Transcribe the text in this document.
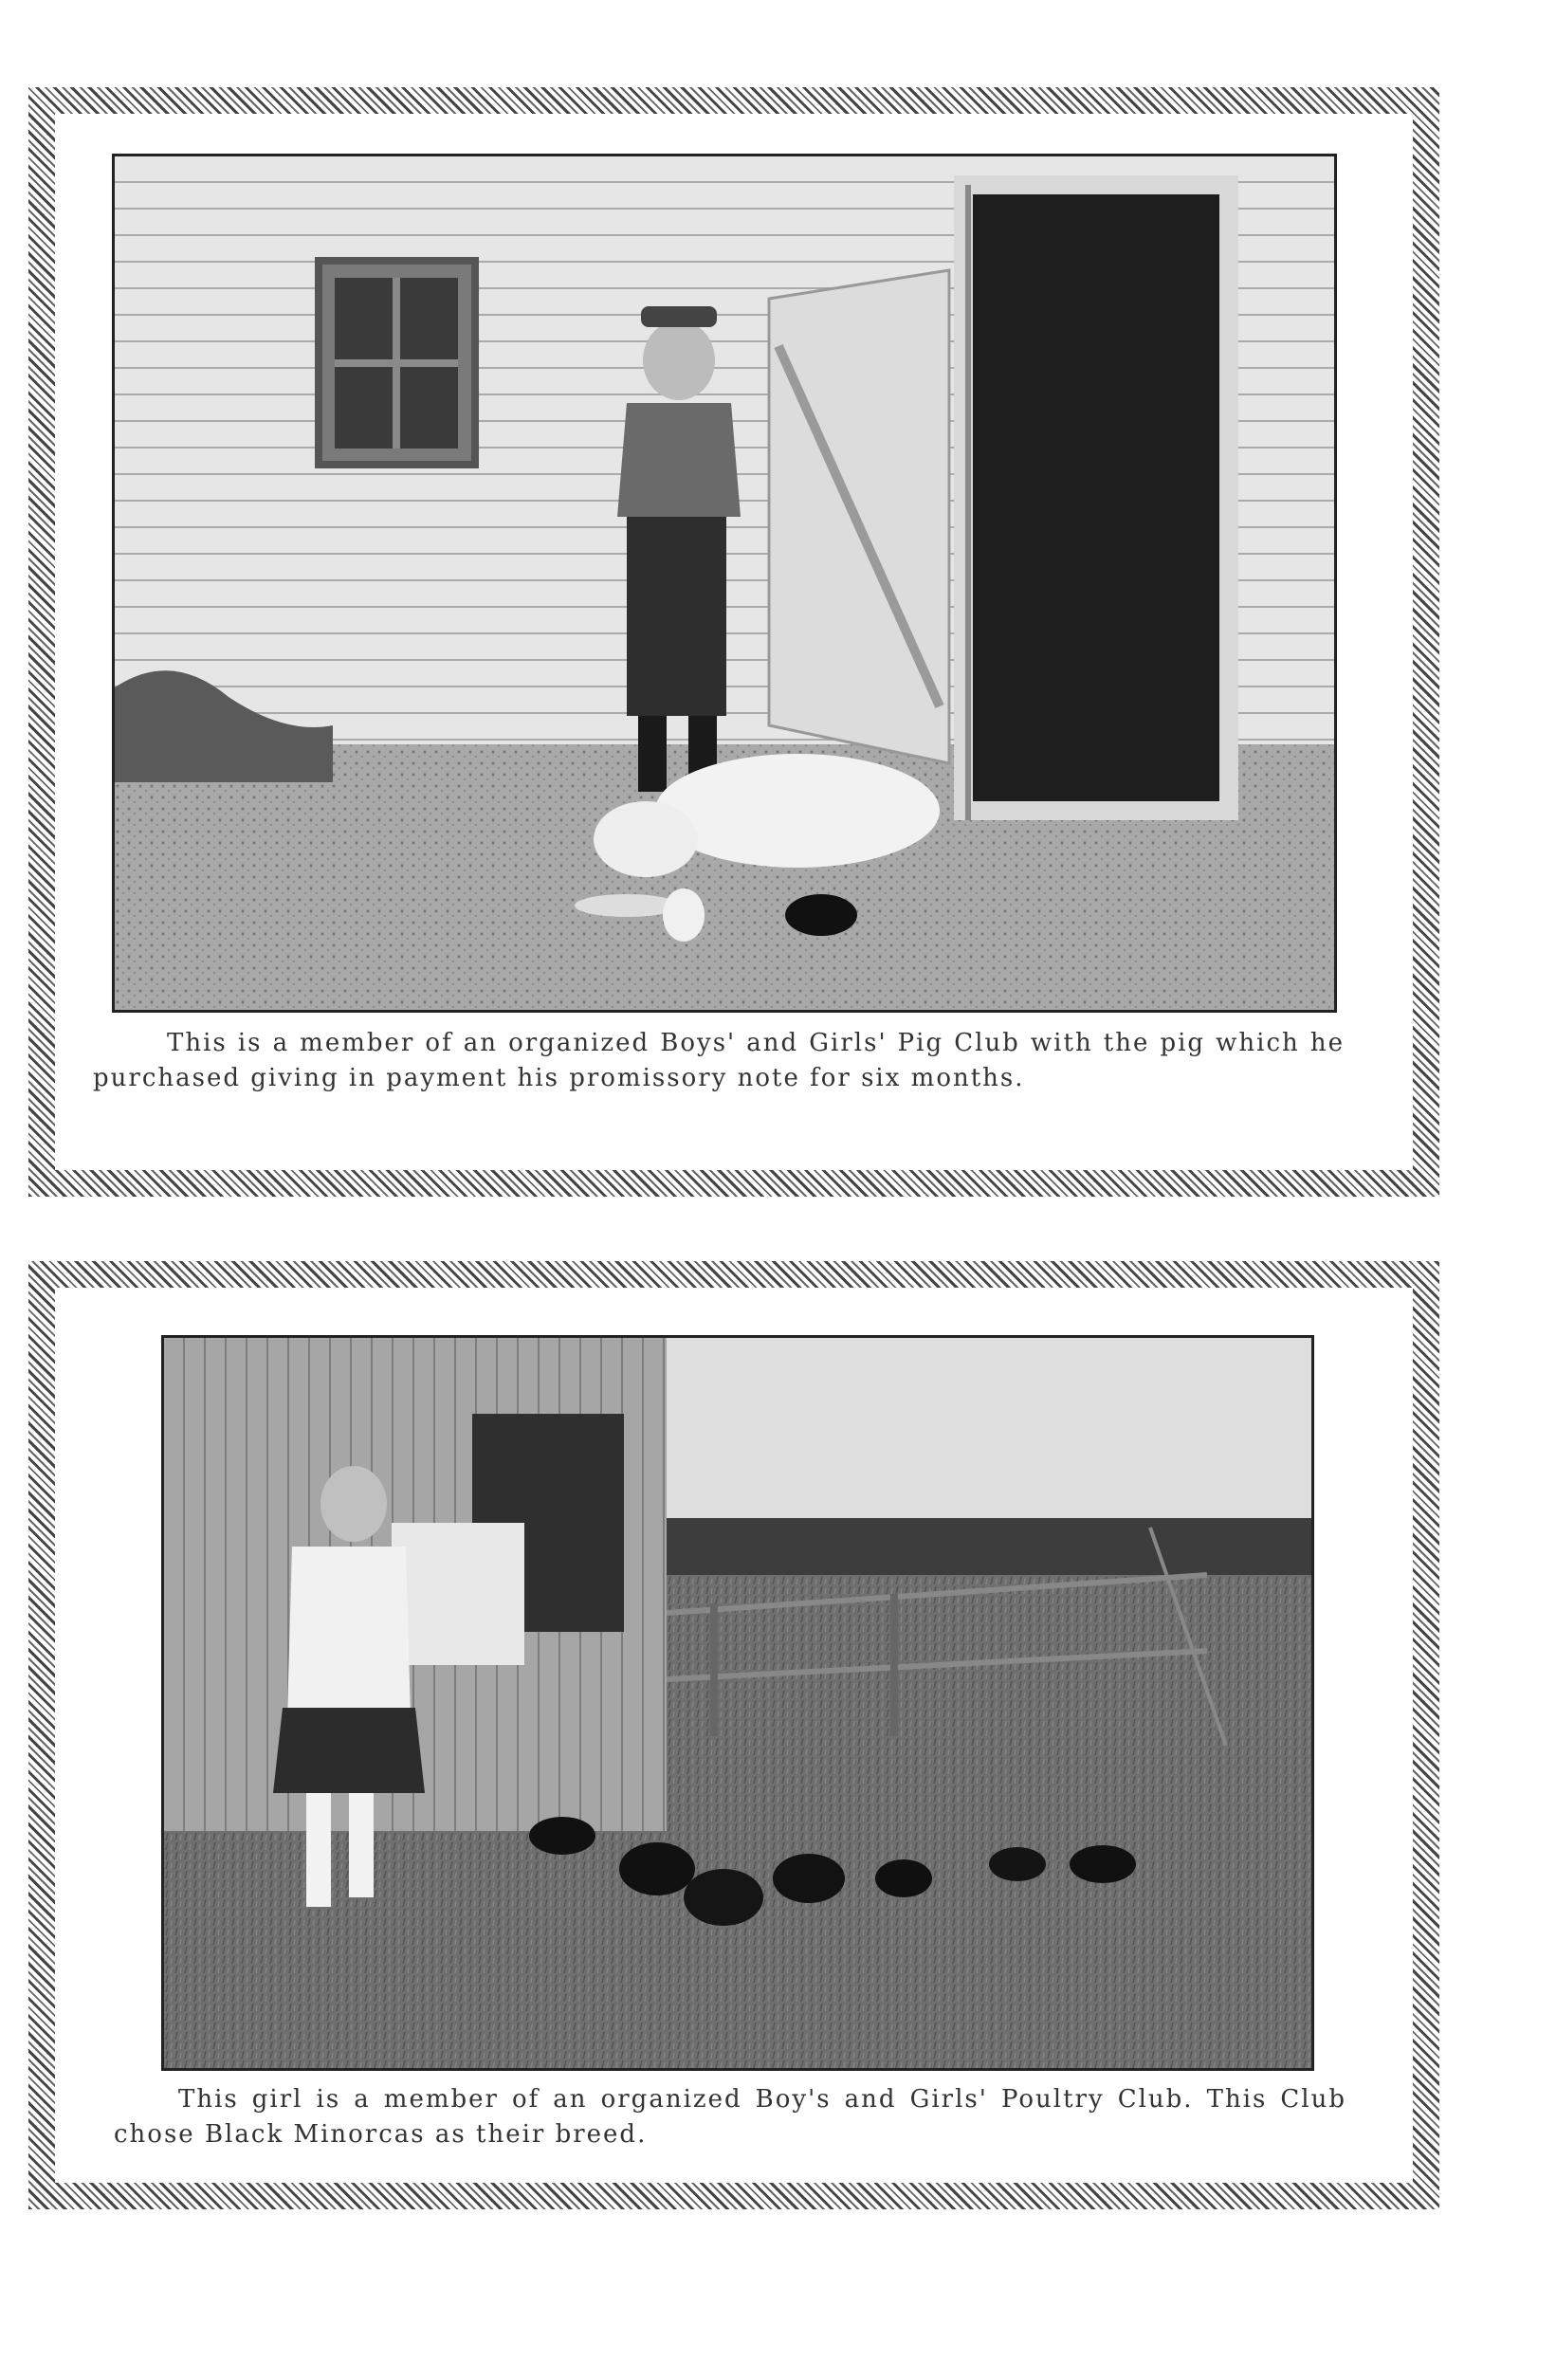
This is a member of an organized Boys' and Girls' Pig Club with the pig which he purchased giving in payment his promissory note for six months.
This girl is a member of an organized Boy's and Girls' Poultry Club. This Club chose Black Minorcas as their breed.
